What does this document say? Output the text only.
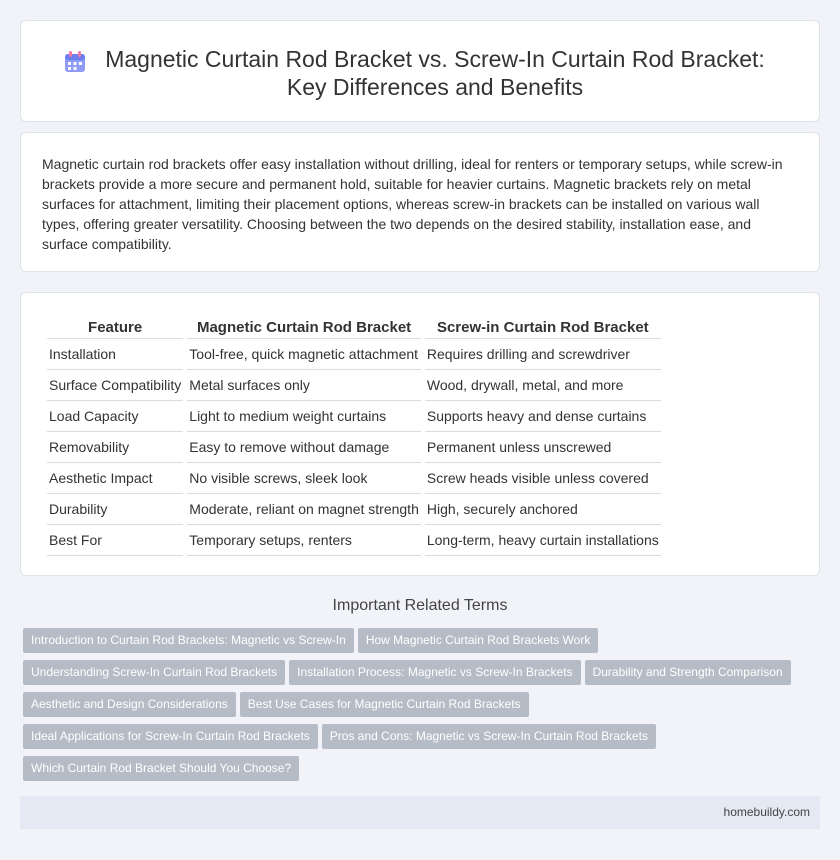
Magnetic Curtain Rod Bracket vs. Screw-In Curtain Rod Bracket: Key Differences and Benefits

Magnetic curtain rod brackets offer easy installation without drilling, ideal for renters or temporary setups, while screw-in brackets provide a more secure and permanent hold, suitable for heavier curtains. Magnetic brackets rely on metal surfaces for attachment, limiting their placement options, whereas screw-in brackets can be installed on various wall types, offering greater versatility. Choosing between the two depends on the desired stability, installation ease, and surface compatibility.

Feature	Magnetic Curtain Rod Bracket	Screw-in Curtain Rod Bracket
Installation	Tool-free, quick magnetic attachment	Requires drilling and screwdriver
Surface Compatibility	Metal surfaces only	Wood, drywall, metal, and more
Load Capacity	Light to medium weight curtains	Supports heavy and dense curtains
Removability	Easy to remove without damage	Permanent unless unscrewed
Aesthetic Impact	No visible screws, sleek look	Screw heads visible unless covered
Durability	Moderate, reliant on magnet strength	High, securely anchored
Best For	Temporary setups, renters	Long-term, heavy curtain installations
Important Related Terms
Introduction to Curtain Rod Brackets: Magnetic vs Screw-In How Magnetic Curtain Rod Brackets Work
Understanding Screw-In Curtain Rod Brackets Installation Process: Magnetic vs Screw-In Brackets Durability and Strength Comparison
Aesthetic and Design Considerations Best Use Cases for Magnetic Curtain Rod Brackets
Ideal Applications for Screw-In Curtain Rod Brackets Pros and Cons: Magnetic vs Screw-In Curtain Rod Brackets
Which Curtain Rod Bracket Should You Choose?
homebuildy.com
